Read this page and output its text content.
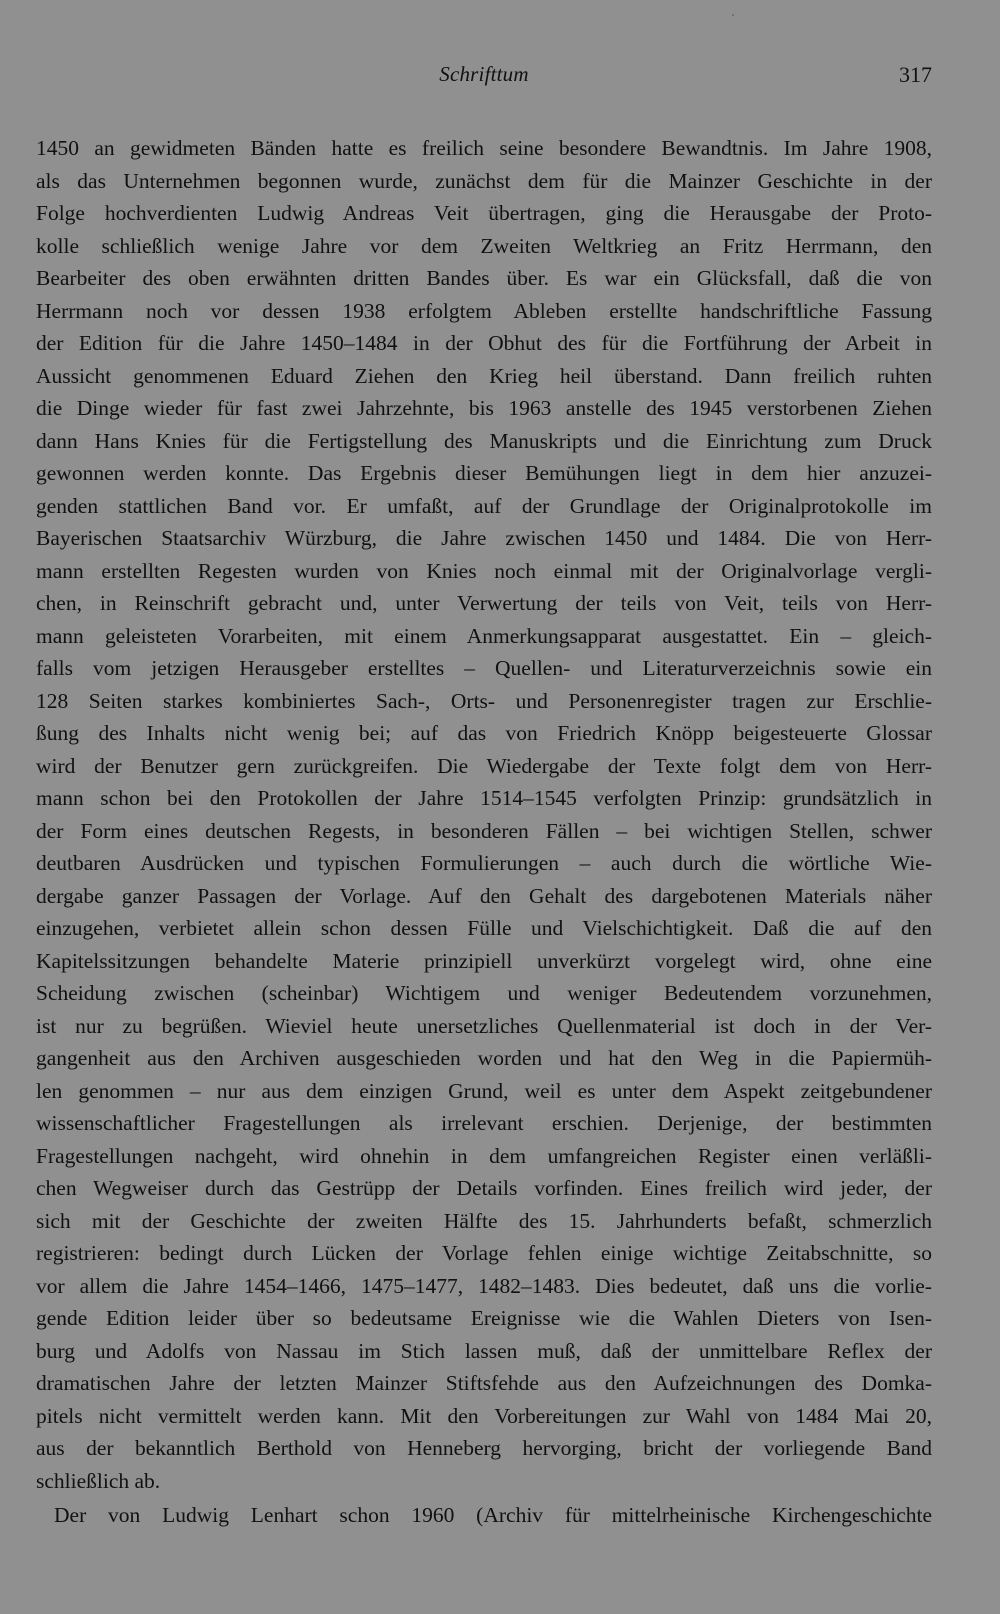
Schrifttum	317
1450 an gewidmeten Bänden hatte es freilich seine besondere Bewandtnis. Im Jahre 1908,
als das Unternehmen begonnen wurde, zunächst dem für die Mainzer Geschichte in der
Folge hochverdienten Ludwig Andreas Veit übertragen, ging die Herausgabe der Proto-
kolle schließlich wenige Jahre vor dem Zweiten Weltkrieg an Fritz Herrmann, den
Bearbeiter des oben erwähnten dritten Bandes über. Es war ein Glücksfall, daß die von
Herrmann noch vor dessen 1938 erfolgtem Ableben erstellte handschriftliche Fassung
der Edition für die Jahre 1450–1484 in der Obhut des für die Fortführung der Arbeit in
Aussicht genommenen Eduard Ziehen den Krieg heil überstand. Dann freilich ruhten
die Dinge wieder für fast zwei Jahrzehnte, bis 1963 anstelle des 1945 verstorbenen Ziehen
dann Hans Knies für die Fertigstellung des Manuskripts und die Einrichtung zum Druck
gewonnen werden konnte. Das Ergebnis dieser Bemühungen liegt in dem hier anzuzei-
genden stattlichen Band vor. Er umfaßt, auf der Grundlage der Originalprotokolle im
Bayerischen Staatsarchiv Würzburg, die Jahre zwischen 1450 und 1484. Die von Herr-
mann erstellten Regesten wurden von Knies noch einmal mit der Originalvorlage vergli-
chen, in Reinschrift gebracht und, unter Verwertung der teils von Veit, teils von Herr-
mann geleisteten Vorarbeiten, mit einem Anmerkungsapparat ausgestattet. Ein – gleich-
falls vom jetzigen Herausgeber erstelltes – Quellen- und Literaturverzeichnis sowie ein
128 Seiten starkes kombiniertes Sach-, Orts- und Personenregister tragen zur Erschlie-
ßung des Inhalts nicht wenig bei; auf das von Friedrich Knöpp beigesteuerte Glossar
wird der Benutzer gern zurückgreifen. Die Wiedergabe der Texte folgt dem von Herr-
mann schon bei den Protokollen der Jahre 1514–1545 verfolgten Prinzip: grundsätzlich in
der Form eines deutschen Regests, in besonderen Fällen – bei wichtigen Stellen, schwer
deutbaren Ausdrücken und typischen Formulierungen – auch durch die wörtliche Wie-
dergabe ganzer Passagen der Vorlage. Auf den Gehalt des dargebotenen Materials näher
einzugehen, verbietet allein schon dessen Fülle und Vielschichtigkeit. Daß die auf den
Kapitelssitzungen behandelte Materie prinzipiell unverkürzt vorgelegt wird, ohne eine
Scheidung zwischen (scheinbar) Wichtigem und weniger Bedeutendem vorzunehmen,
ist nur zu begrüßen. Wieviel heute unersetzliches Quellenmaterial ist doch in der Ver-
gangenheit aus den Archiven ausgeschieden worden und hat den Weg in die Papiermüh-
len genommen – nur aus dem einzigen Grund, weil es unter dem Aspekt zeitgebundener
wissenschaftlicher Fragestellungen als irrelevant erschien. Derjenige, der bestimmten
Fragestellungen nachgeht, wird ohnehin in dem umfangreichen Register einen verläßli-
chen Wegweiser durch das Gestrüpp der Details vorfinden. Eines freilich wird jeder, der
sich mit der Geschichte der zweiten Hälfte des 15. Jahrhunderts befaßt, schmerzlich
registrieren: bedingt durch Lücken der Vorlage fehlen einige wichtige Zeitabschnitte, so
vor allem die Jahre 1454–1466, 1475–1477, 1482–1483. Dies bedeutet, daß uns die vorlie-
gende Edition leider über so bedeutsame Ereignisse wie die Wahlen Dieters von Isen-
burg und Adolfs von Nassau im Stich lassen muß, daß der unmittelbare Reflex der
dramatischen Jahre der letzten Mainzer Stiftsfehde aus den Aufzeichnungen des Domka-
pitels nicht vermittelt werden kann. Mit den Vorbereitungen zur Wahl von 1484 Mai 20,
aus der bekanntlich Berthold von Henneberg hervorging, bricht der vorliegende Band
schließlich ab.
Der von Ludwig Lenhart schon 1960 (Archiv für mittelrheinische Kirchengeschichte
